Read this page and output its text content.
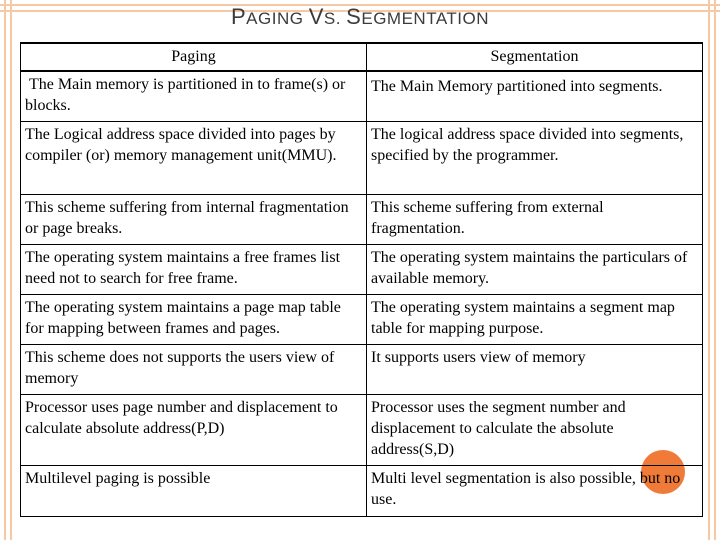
PAGING VS. SEGMENTATION
Paging	Segmentation
The Main memory is partitioned in to frame(s) or blocks.	The Main Memory partitioned into segments.
The Logical address space divided into pages by compiler (or) memory management unit(MMU).	The logical address space divided into segments, specified by the programmer.
This scheme suffering from internal fragmentation or page breaks.	This scheme suffering from external fragmentation.
The operating system maintains a free frames list need not to search for free frame.	The operating system maintains the particulars of available memory.
The operating system maintains a page map table for mapping between frames and pages.	The operating system maintains a segment map table for mapping purpose.
This scheme does not supports the users view of memory	It supports users view of memory
Processor uses page number and displacement to calculate absolute address(P,D)	Processor uses the segment number and displacement to calculate the absolute address(S,D)
Multilevel paging is possible	Multi level segmentation is also possible, but no use.
